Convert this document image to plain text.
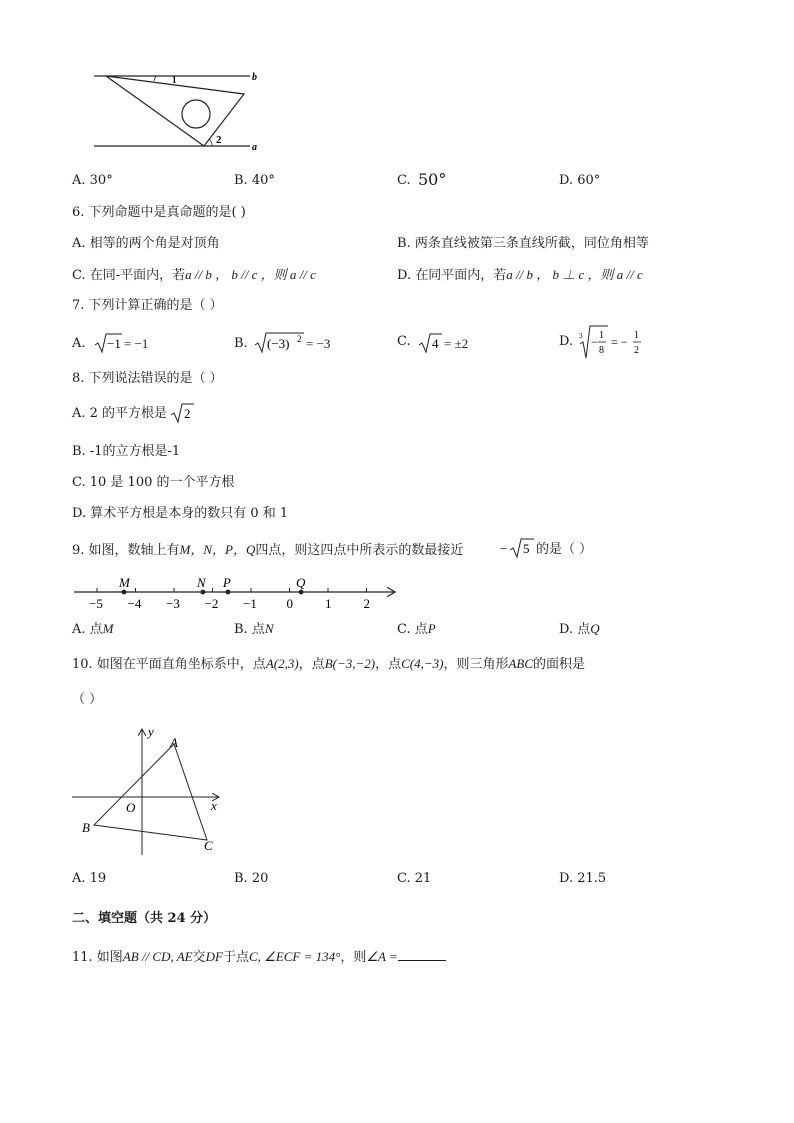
b
a
1
2
A. 30°	B. 40°	C. 50°	D. 60°
6. 下列命题中是真命题的是( )
A. 相等的两个角是对顶角	B. 两条直线被第三条直线所截，同位角相等
C. 在同-平面内，若a // b ， b // c ，则 a // c	D. 在同平面内，若a // b ， b ⊥ c ，则 a // c
7. 下列计算正确的是（ ）
A. −1 = −1	B. (−3) 2 = −3	C. 4 = ±2	D. 3 − 1
8
= − 1
2
8. 下列说法错误的是（ ）
A. 2 的平方根是 2
B. -1的立方根是-1
C. 10 是 100 的一个平方根
D. 算术平方根是本身的数只有 0 和 1
9. 如图，数轴上有M，N，P，Q四点，则这四点中所表示的数最接近	− 5 的是（ ）
−5 −4 −3 −2 −1 0 1 2
M	N P	Q
A. 点M	B. 点N	C. 点P	D. 点Q
10. 如图在平面直角坐标系中，点A(2,3)，点B(−3,−2)，点C(4,−3)，则三角形ABC的面积是
（ ）
y
x
O
A
B
C
A. 19	B. 20	C. 21	D. 21.5
二、填空题（共 24 分）
11. 如图AB // CD, AE交DF于点C, ∠ECF = 134°，则∠A =
